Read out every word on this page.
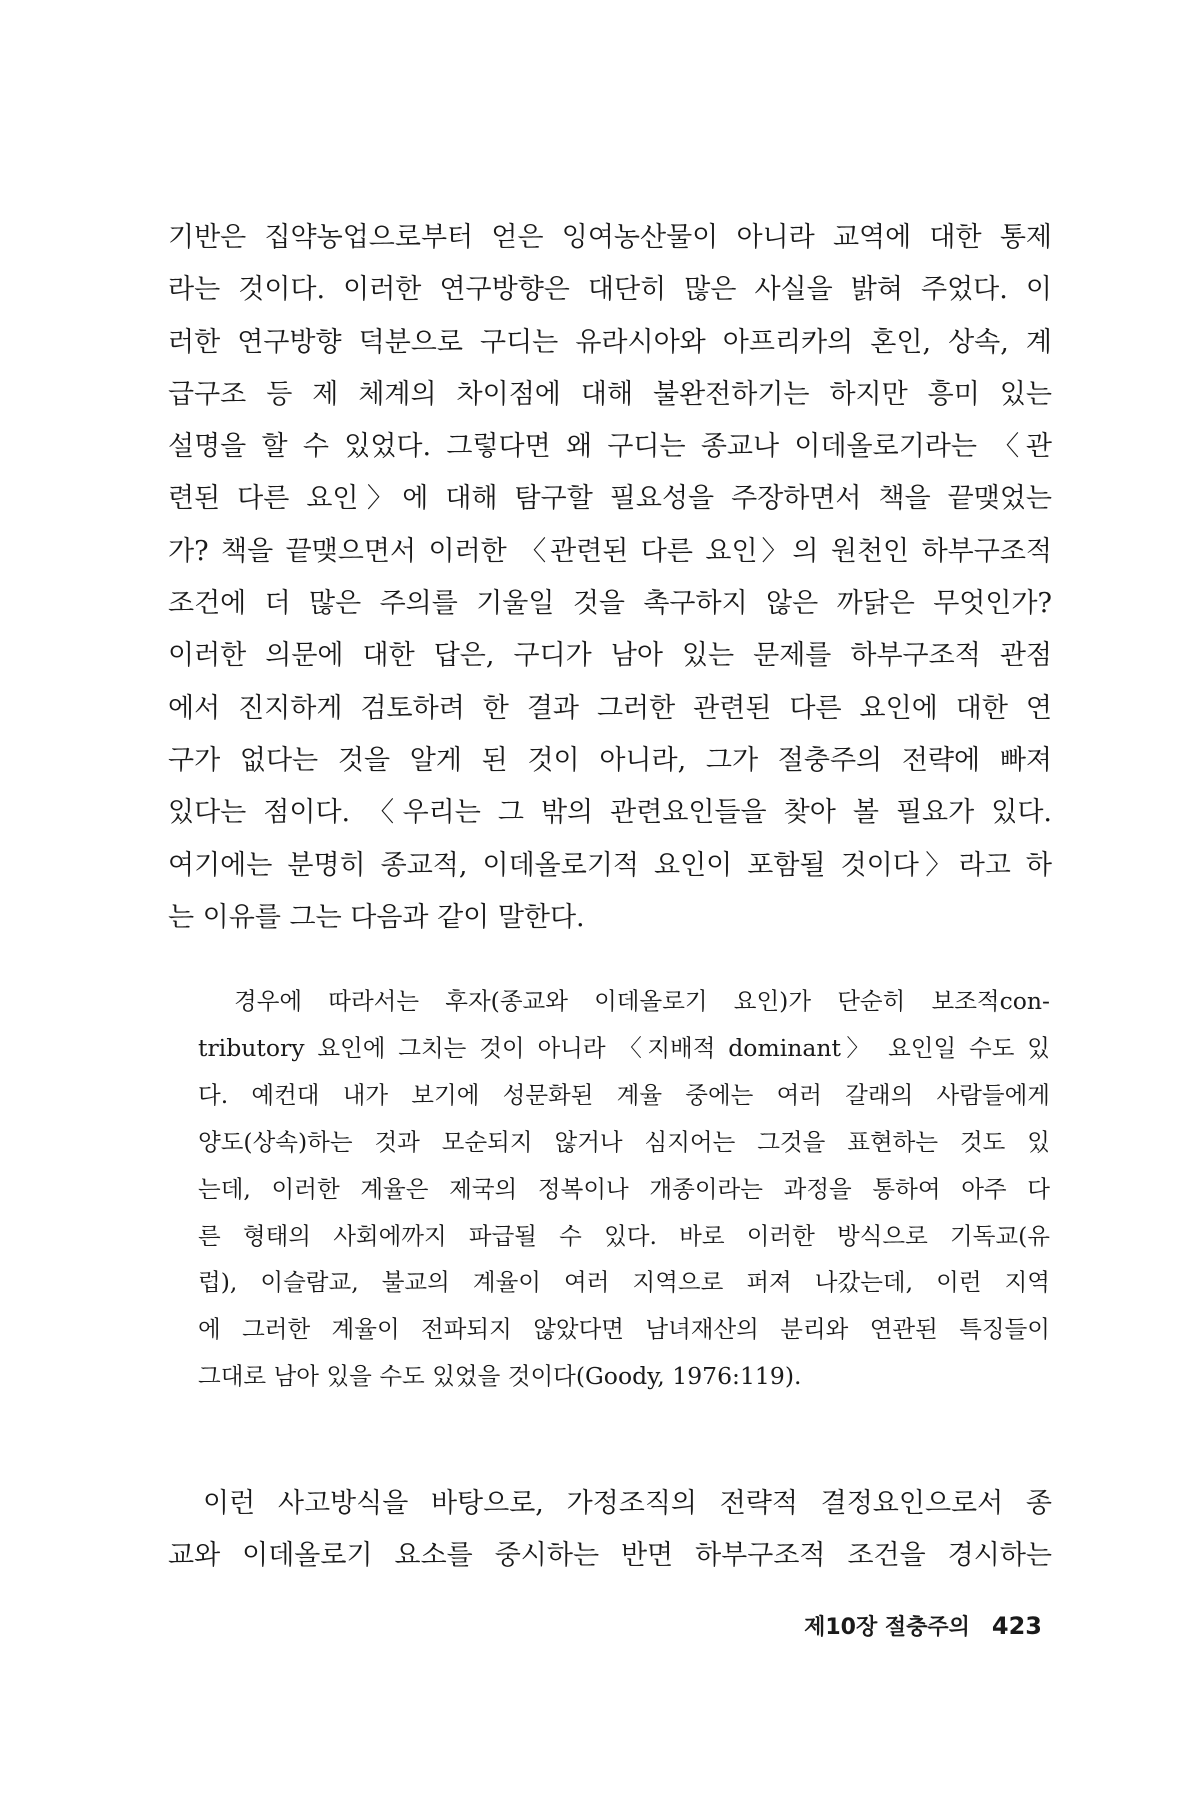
기반은 집약농업으로부터 얻은 잉여농산물이 아니라 교역에 대한 통제
라는 것이다. 이러한 연구방향은 대단히 많은 사실을 밝혀 주었다. 이
러한 연구방향 덕분으로 구디는 유라시아와 아프리카의 혼인, 상속, 계
급구조 등 제 체계의 차이점에 대해 불완전하기는 하지만 흥미 있는
설명을 할 수 있었다. 그렇다면 왜 구디는 종교나 이데올로기라는 〈관
련된 다른 요인〉에 대해 탐구할 필요성을 주장하면서 책을 끝맺었는
가? 책을 끝맺으면서 이러한 〈관련된 다른 요인〉의 원천인 하부구조적
조건에 더 많은 주의를 기울일 것을 촉구하지 않은 까닭은 무엇인가?
이러한 의문에 대한 답은, 구디가 남아 있는 문제를 하부구조적 관점
에서 진지하게 검토하려 한 결과 그러한 관련된 다른 요인에 대한 연
구가 없다는 것을 알게 된 것이 아니라, 그가 절충주의 전략에 빠져
있다는 점이다. 〈우리는 그 밖의 관련요인들을 찾아 볼 필요가 있다.
여기에는 분명히 종교적, 이데올로기적 요인이 포함될 것이다〉라고 하
는 이유를 그는 다음과 같이 말한다.
경우에 따라서는 후자(종교와 이데올로기 요인)가 단순히 보조적con-
tributory 요인에 그치는 것이 아니라 〈지배적 dominant〉 요인일 수도 있
다. 예컨대 내가 보기에 성문화된 계율 중에는 여러 갈래의 사람들에게
양도(상속)하는 것과 모순되지 않거나 심지어는 그것을 표현하는 것도 있
는데, 이러한 계율은 제국의 정복이나 개종이라는 과정을 통하여 아주 다
른 형태의 사회에까지 파급될 수 있다. 바로 이러한 방식으로 기독교(유
럽), 이슬람교, 불교의 계율이 여러 지역으로 퍼져 나갔는데, 이런 지역
에 그러한 계율이 전파되지 않았다면 남녀재산의 분리와 연관된 특징들이
그대로 남아 있을 수도 있었을 것이다(Goody, 1976:119).
이런 사고방식을 바탕으로, 가정조직의 전략적 결정요인으로서 종
교와 이데올로기 요소를 중시하는 반면 하부구조적 조건을 경시하는
제10장 절충주의 423
